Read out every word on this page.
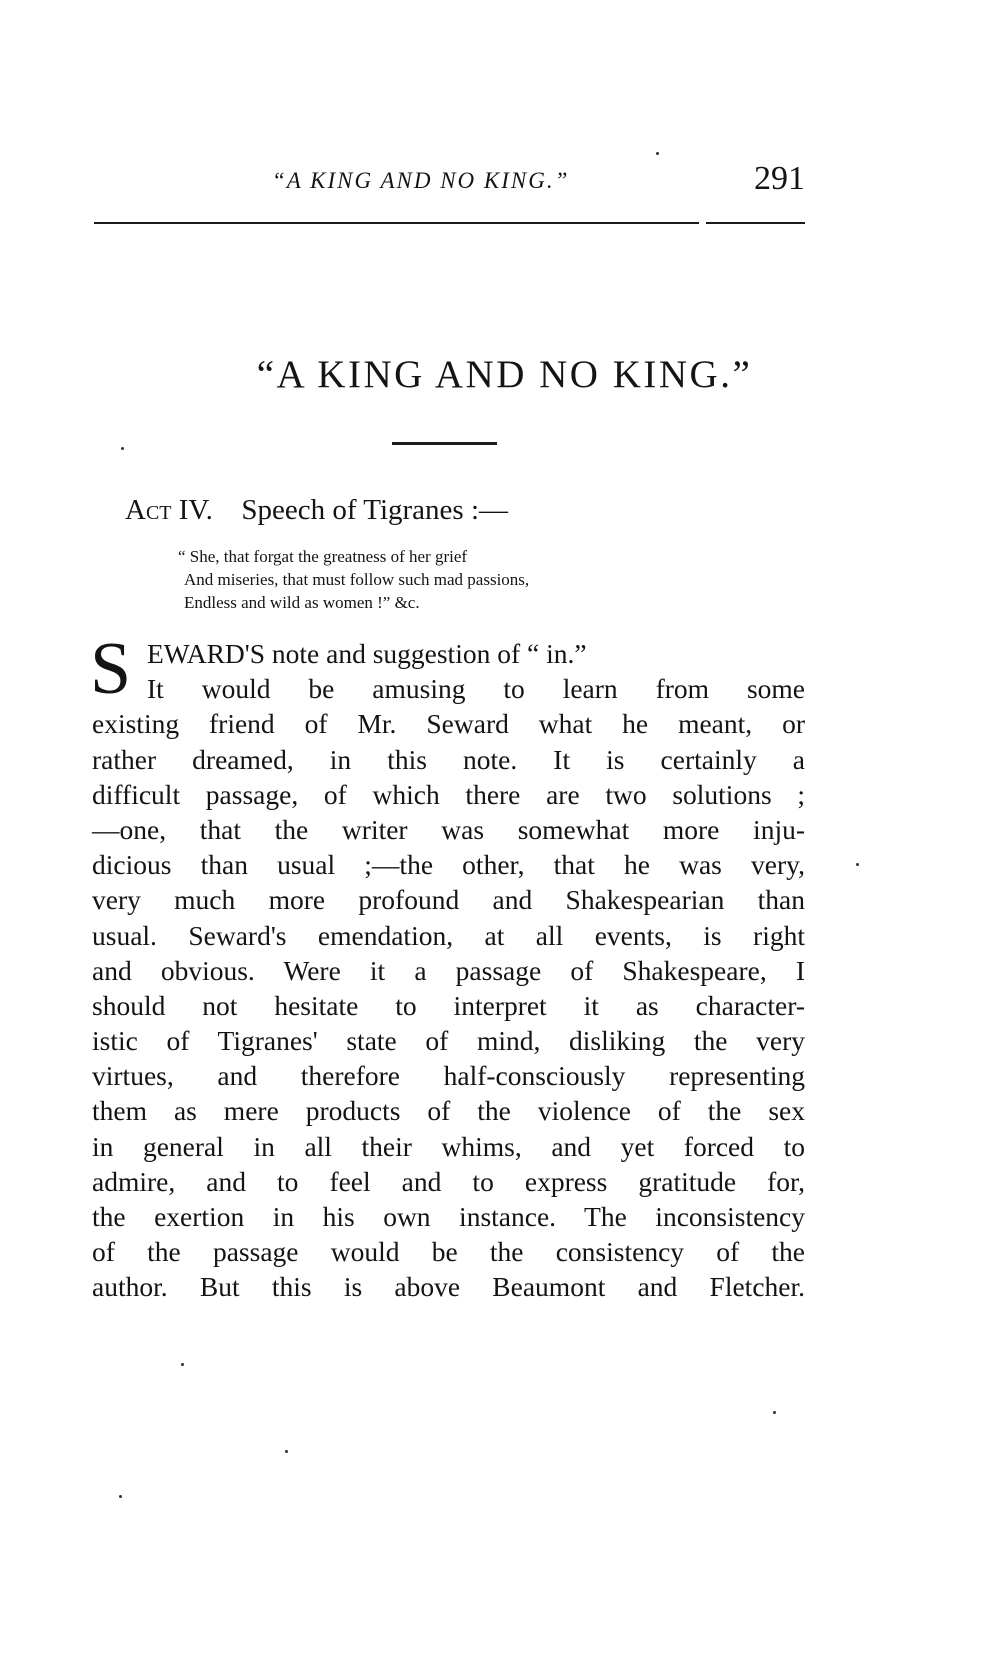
“A KING AND NO KING.”	291
“A KING AND NO KING.”
Act IV. Speech of Tigranes :—
“ She, that forgat the greatness of her grief
And miseries, that must follow such mad passions,
Endless and wild as women !” &c.
S EWARD'S note and suggestion of “ in.”
It would be amusing to learn from some
existing friend of Mr. Seward what he meant, or
rather dreamed, in this note. It is certainly a
difficult passage, of which there are two solutions ;
—one, that the writer was somewhat more inju-
dicious than usual ;—the other, that he was very,
very much more profound and Shakespearian than
usual. Seward's emendation, at all events, is right
and obvious. Were it a passage of Shakespeare, I
should not hesitate to interpret it as character-
istic of Tigranes' state of mind, disliking the very
virtues, and therefore half-consciously representing
them as mere products of the violence of the sex
in general in all their whims, and yet forced to
admire, and to feel and to express gratitude for,
the exertion in his own instance. The inconsistency
of the passage would be the consistency of the
author. But this is above Beaumont and Fletcher.
